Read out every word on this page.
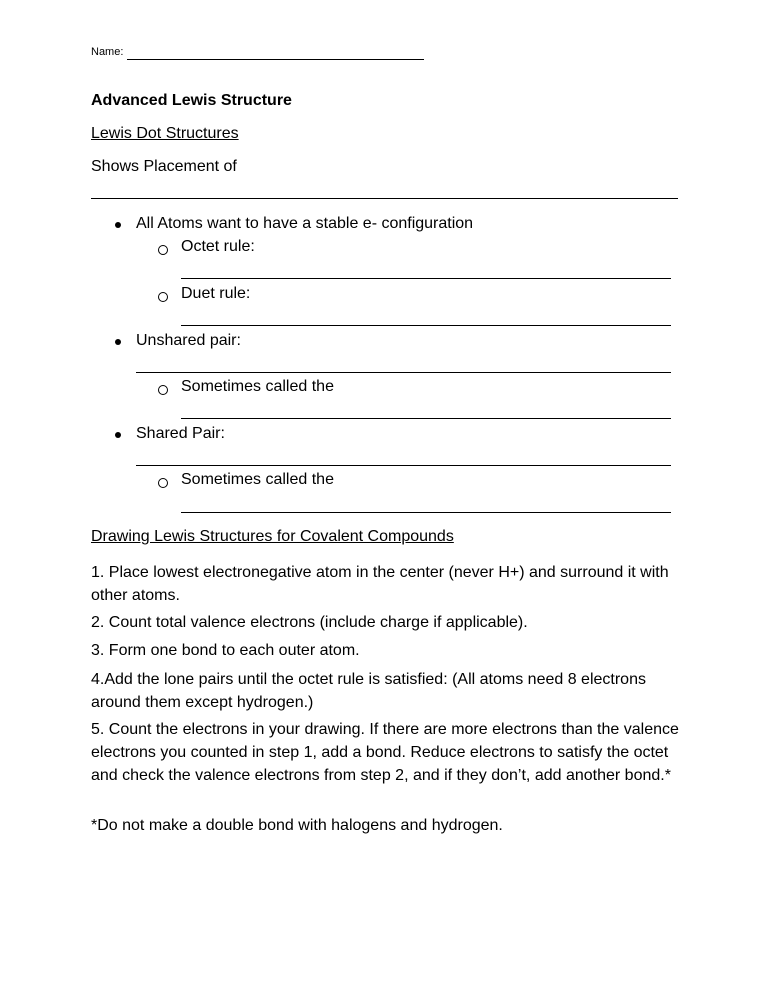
Name:
Advanced Lewis Structure
Lewis Dot Structures
Shows Placement of
All Atoms want to have a stable e- configuration
Octet rule:
Duet rule:
Unshared pair:
Sometimes called the
Shared Pair:
Sometimes called the
Drawing Lewis Structures for Covalent Compounds
1. Place lowest electronegative atom in the center (never H+) and surround it with other atoms.
2. Count total valence electrons (include charge if applicable).
3. Form one bond to each outer atom.
4.Add the lone pairs until the octet rule is satisfied: (All atoms need 8 electrons around them except hydrogen.)
5. Count the electrons in your drawing. If there are more electrons than the valence electrons you counted in step 1, add a bond. Reduce electrons to satisfy the octet and check the valence electrons from step 2, and if they don’t, add another bond.*
*Do not make a double bond with halogens and hydrogen.
